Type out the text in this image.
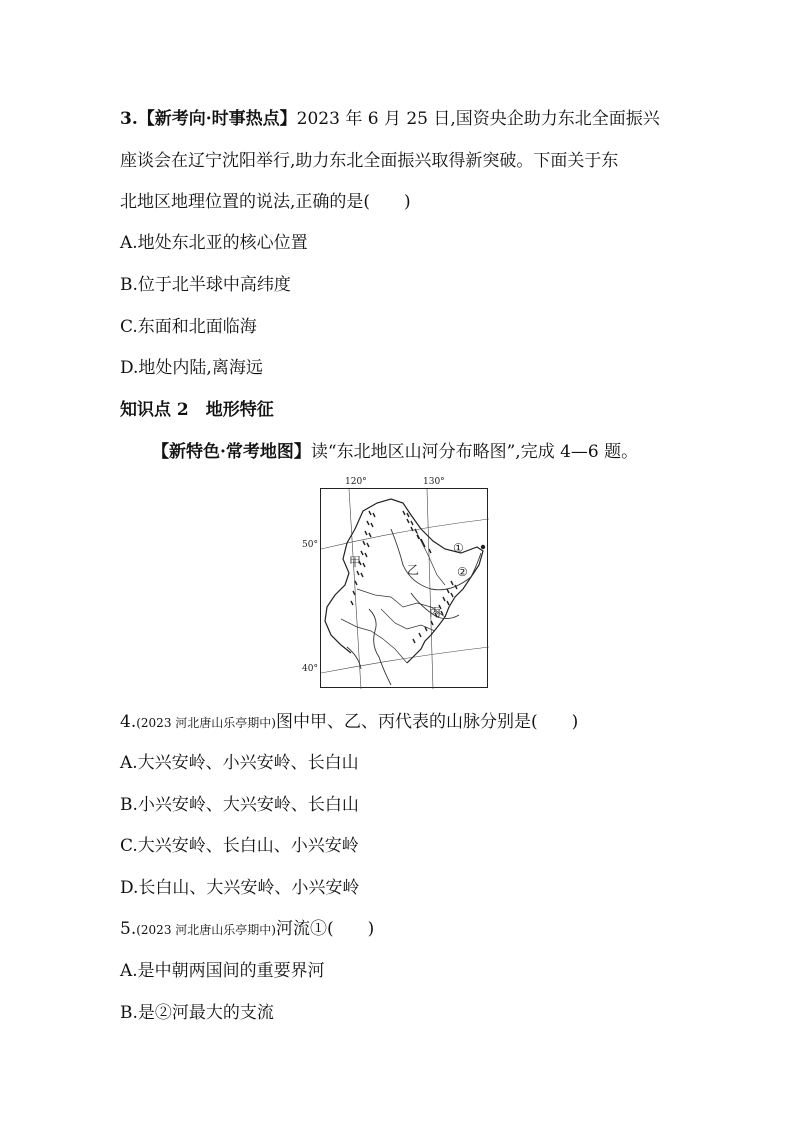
3.【新考向·时事热点】2023 年 6 月 25 日,国资央企助力东北全面振兴
座谈会在辽宁沈阳举行,助力东北全面振兴取得新突破。下面关于东
北地区地理位置的说法,正确的是(　　)
A.地处东北亚的核心位置
B.位于北半球中高纬度
C.东面和北面临海
D.地处内陆,离海远
知识点 2　地形特征
【新特色·常考地图】读“东北地区山河分布略图”,完成 4—6 题。
120°	130°
50°
40°
甲
乙
丙
①
②
4.(2023 河北唐山乐亭期中)图中甲、乙、丙代表的山脉分别是(　　)
A.大兴安岭、小兴安岭、长白山
B.小兴安岭、大兴安岭、长白山
C.大兴安岭、长白山、小兴安岭
D.长白山、大兴安岭、小兴安岭
5.(2023 河北唐山乐亭期中)河流①(　　)
A.是中朝两国间的重要界河
B.是②河最大的支流
